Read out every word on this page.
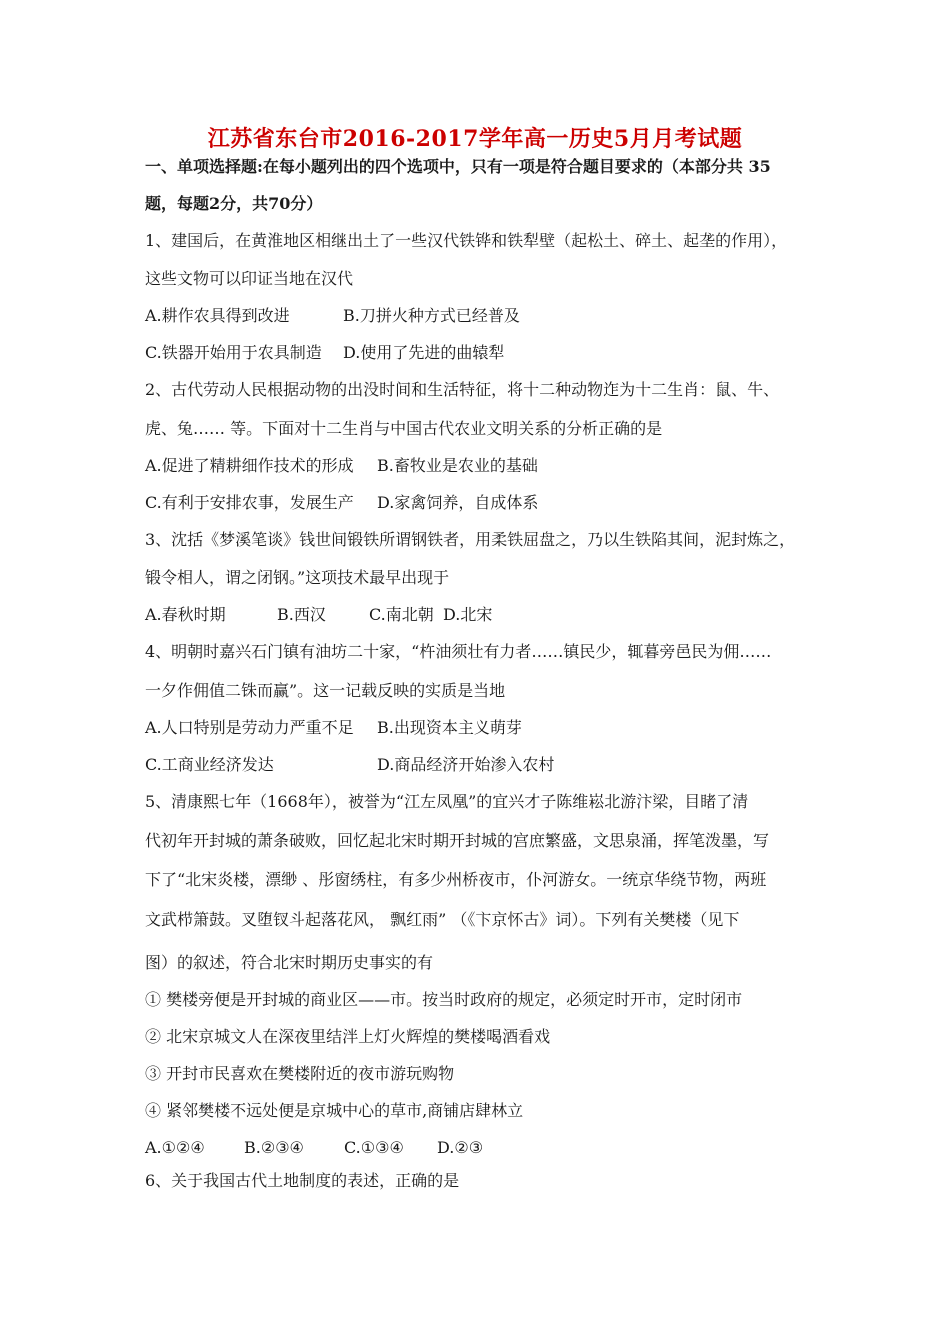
江苏省东台市2016-2017学年高一历史5月月考试题
一、单项选择题:在每小题列出的四个选项中，只有一项是符合题目要求的（本部分共 35
题，每题2分，共70分）
1、建国后，在黄淮地区相继出土了一些汉代铁铧和铁犁壁（起松土、碎土、起垄的作用），
这些文物可以印证当地在汉代
A.耕作农具得到改进	B.刀拼火种方式已经普及
C.铁器开始用于农具制造 D.使用了先进的曲辕犁
2、古代劳动人民根据动物的出没时间和生活特征，将十二种动物迮为十二生肖：鼠、牛、
虎、兔…… 等。下面对十二生肖与中国古代农业文明关系的分析正确的是
A.促进了精耕细作技术的形成 B.畜牧业是农业的基础
C.有利于安排农事，发展生产 D.家禽饲养，自成体系
3、沈括《梦溪笔谈》钱世间锻铁所谓钢铁者，用柔铁屈盘之，乃以生铁陷其间，泥封炼之，
锻令相人，谓之闭钢。”这项技术最早出现于
A.春秋时期	B.西汉	C.南北朝 D.北宋
4、明朝时嘉兴石门镇有油坊二十家，“杵油须壮有力者……镇民少，辄暮旁邑民为佣……
一夕作佣值二铢而赢”。这一记载反映的实质是当地
A.人口特别是劳动力严重不足 B.出现资本主义萌芽
C.工商业经济发达	D.商品经济开始渗入农村
5、清康熙七年（1668年），被誉为“江左凤凰”的宜兴才子陈维崧北游汴梁，目睹了清
代初年开封城的萧条破败，回忆起北宋时期开封城的宫庶繁盛，文思泉涌，挥笔泼墨，写
下了“北宋炎楼，漂缈 、彤窗绣柱，有多少州桥夜市，仆河游女。一统京华绕节物，两班
文武栉箫鼓。叉堕钗斗起落花风， 飘红雨” （《卞京怀古》词）。下列有关樊楼（见下
图）的叙述，符合北宋时期历史事实的有
① 樊楼旁便是开封城的商业区——市。按当时政府的规定，必须定时开市，定时闭市
② 北宋京城文人在深夜里结泮上灯火辉煌的樊楼喝酒看戏
③ 开封市民喜欢在樊楼附近的夜市游玩购物
④ 紧邻樊楼不远处便是京城中心的草市,商铺店肆林立
A.①②④ B.②③④	C.①③④ D.②③
6、关于我国古代土地制度的表述，正确的是
